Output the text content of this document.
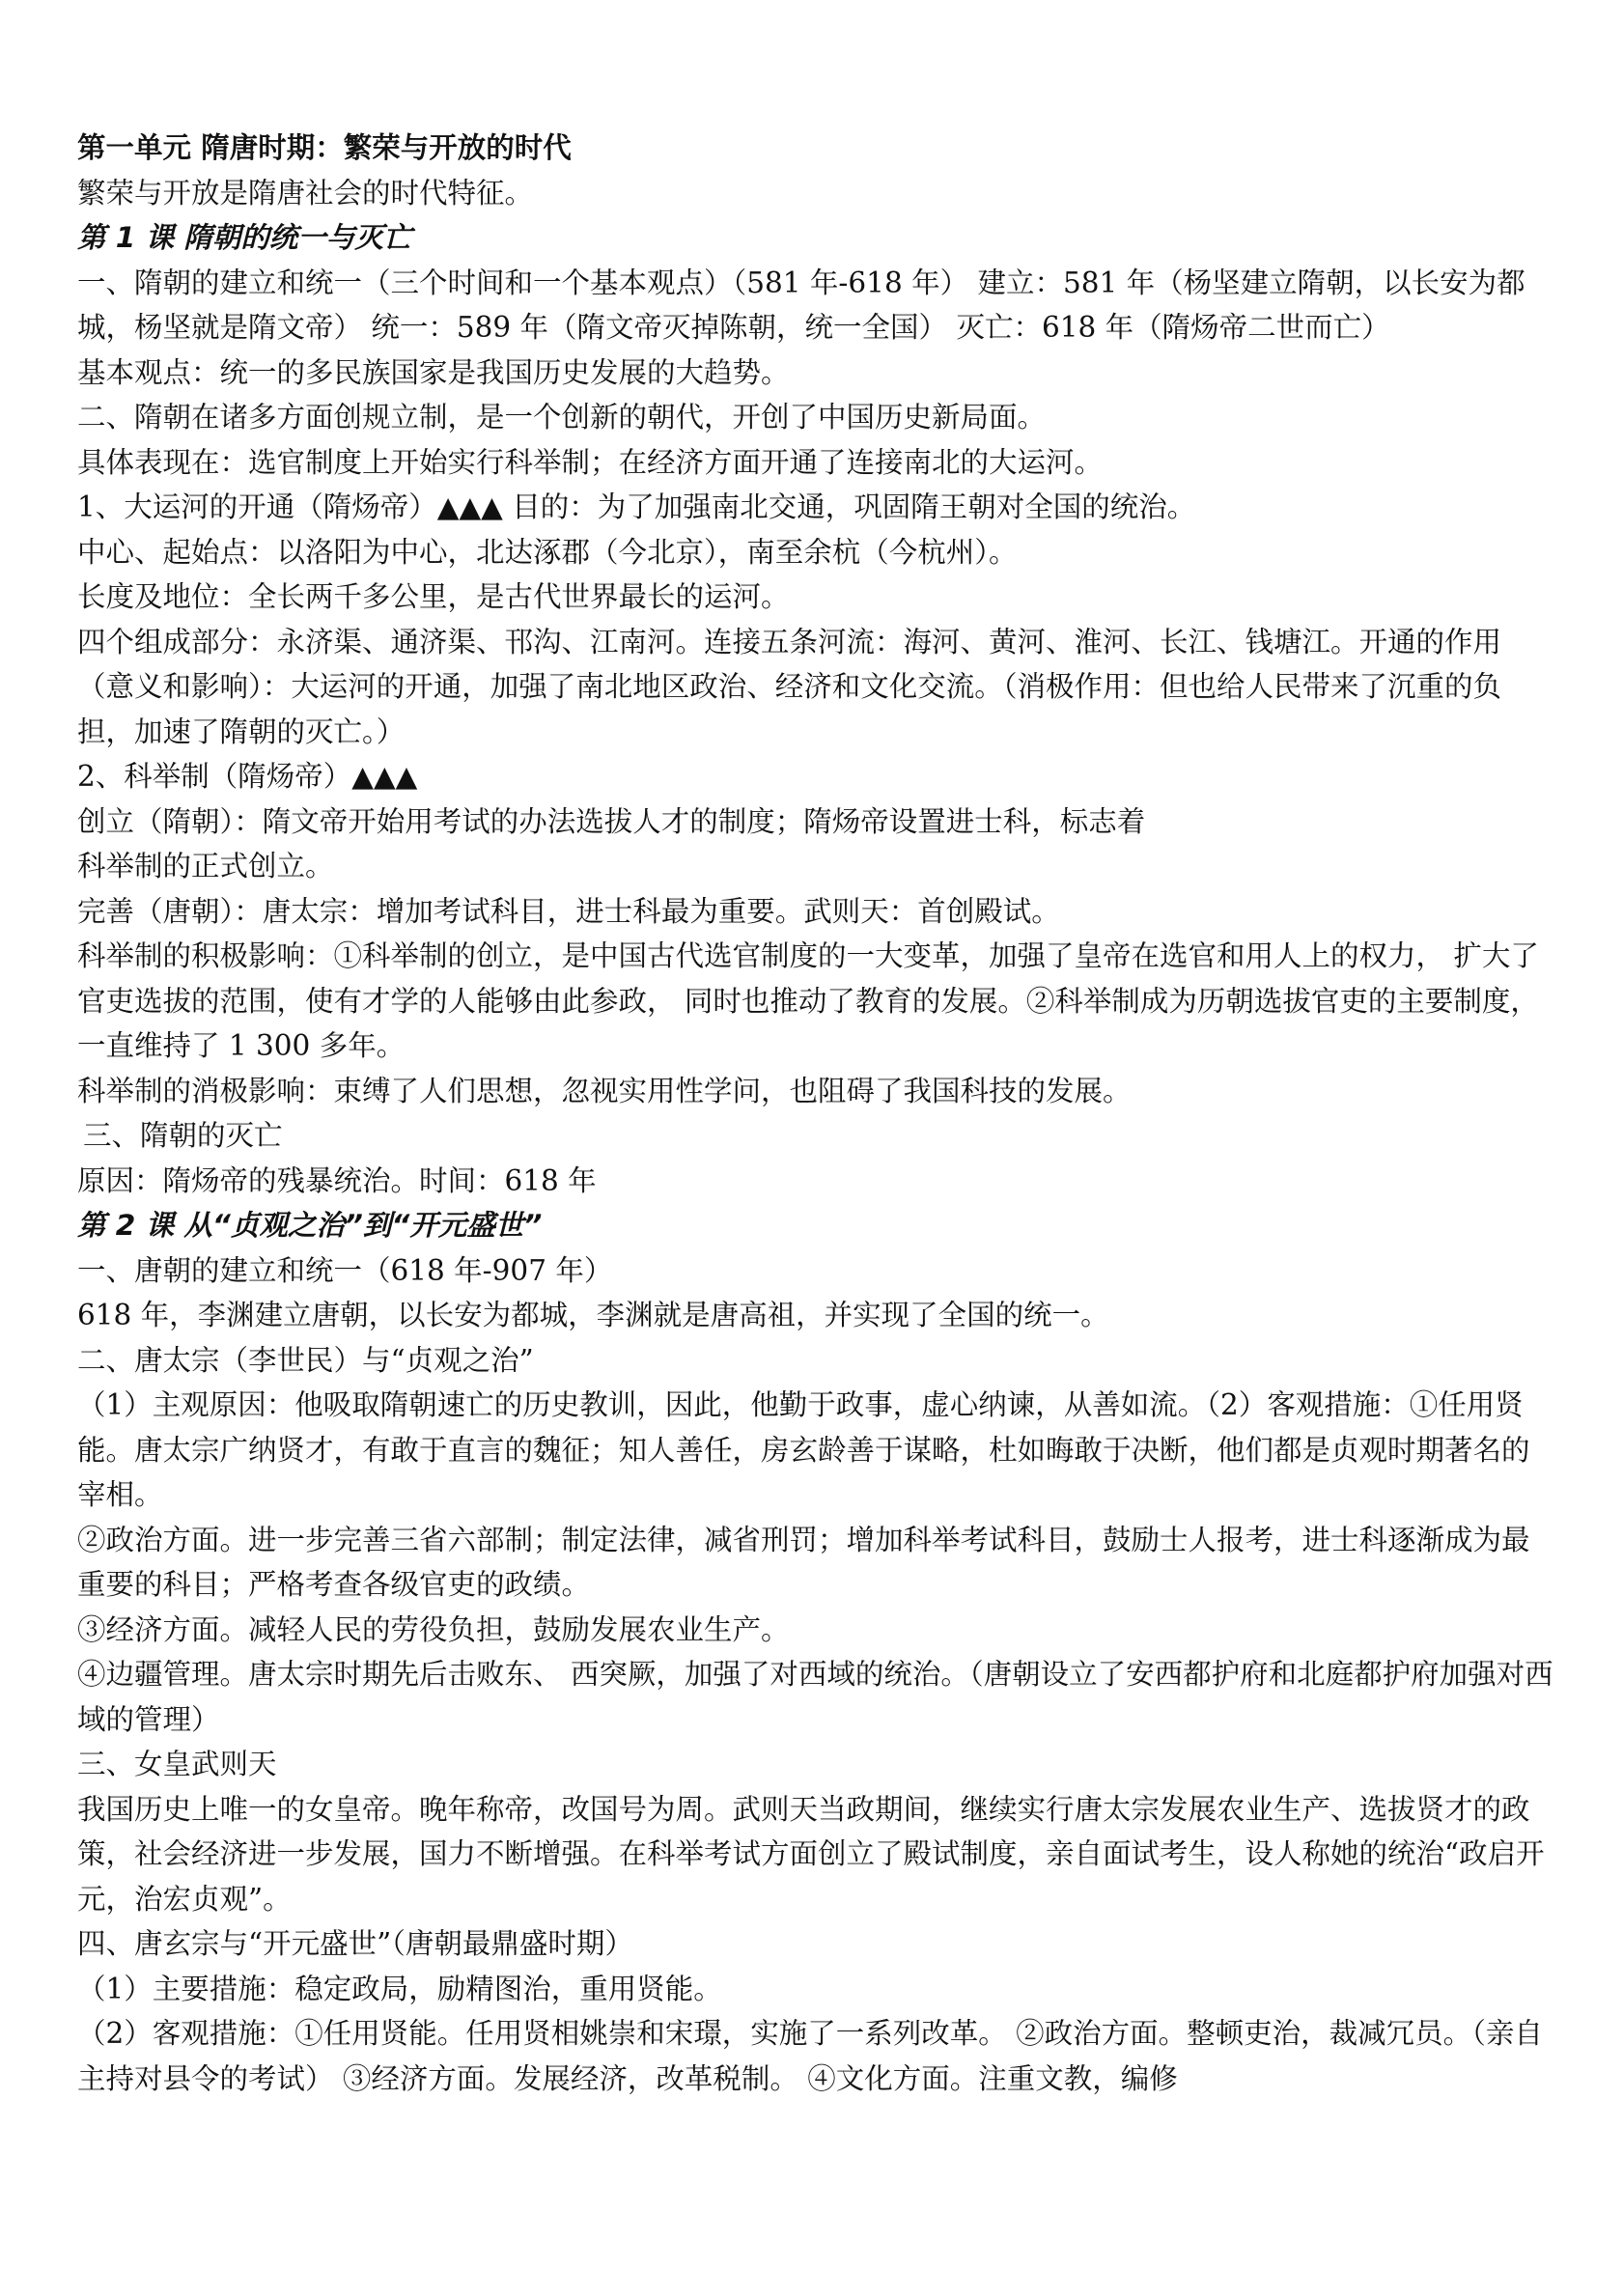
第一单元 隋唐时期：繁荣与开放的时代

繁荣与开放是隋唐社会的时代特征。

第 1 课 隋朝的统一与灭亡

一、隋朝的建立和统一（三个时间和一个基本观点）（581 年-618 年） 建立：581 年（杨坚建立隋朝，以长安为都城，杨坚就是隋文帝） 统一：589 年（隋文帝灭掉陈朝，统一全国） 灭亡：618 年（隋炀帝二世而亡）

基本观点：统一的多民族国家是我国历史发展的大趋势。

二、隋朝在诸多方面创规立制，是一个创新的朝代，开创了中国历史新局面。

具体表现在：选官制度上开始实行科举制；在经济方面开通了连接南北的大运河。

1、大运河的开通（隋炀帝）▲▲▲ 目的：为了加强南北交通，巩固隋王朝对全国的统治。

中心、起始点：以洛阳为中心，北达涿郡（今北京），南至余杭（今杭州）。

长度及地位：全长两千多公里，是古代世界最长的运河。

四个组成部分：永济渠、通济渠、邗沟、江南河。连接五条河流：海河、黄河、淮河、长江、钱塘江。开通的作用（意义和影响）：大运河的开通，加强了南北地区政治、经济和文化交流。（消极作用：但也给人民带来了沉重的负担，加速了隋朝的灭亡。）

2、科举制（隋炀帝）▲▲▲

创立（隋朝）：隋文帝开始用考试的办法选拔人才的制度；隋炀帝设置进士科，标志着

科举制的正式创立。

完善（唐朝）：唐太宗：增加考试科目，进士科最为重要。武则天：首创殿试。

科举制的积极影响：①科举制的创立，是中国古代选官制度的一大变革，加强了皇帝在选官和用人上的权力， 扩大了官吏选拔的范围，使有才学的人能够由此参政， 同时也推动了教育的发展。②科举制成为历朝选拔官吏的主要制度，一直维持了 1 300 多年。

科举制的消极影响：束缚了人们思想，忽视实用性学问，也阻碍了我国科技的发展。

三、隋朝的灭亡

原因：隋炀帝的残暴统治。时间：618 年

第 2 课 从“贞观之治”到“开元盛世”

一、唐朝的建立和统一（618 年-907 年）

618 年，李渊建立唐朝，以长安为都城，李渊就是唐高祖，并实现了全国的统一。

二、唐太宗（李世民）与“贞观之治”

（1）主观原因：他吸取隋朝速亡的历史教训，因此，他勤于政事，虚心纳谏，从善如流。（2）客观措施：①任用贤能。唐太宗广纳贤才，有敢于直言的魏征；知人善任，房玄龄善于谋略，杜如晦敢于决断，他们都是贞观时期著名的宰相。

②政治方面。进一步完善三省六部制；制定法律，减省刑罚；增加科举考试科目，鼓励士人报考，进士科逐渐成为最重要的科目；严格考查各级官吏的政绩。

③经济方面。减轻人民的劳役负担，鼓励发展农业生产。

④边疆管理。唐太宗时期先后击败东、 西突厥，加强了对西域的统治。（唐朝设立了安西都护府和北庭都护府加强对西域的管理）

三、女皇武则天

我国历史上唯一的女皇帝。晚年称帝，改国号为周。武则天当政期间，继续实行唐太宗发展农业生产、选拔贤才的政策，社会经济进一步发展，国力不断增强。在科举考试方面创立了殿试制度，亲自面试考生，设人称她的统治“政启开元，治宏贞观”。

四、唐玄宗与“开元盛世”（唐朝最鼎盛时期）

（1）主要措施：稳定政局，励精图治，重用贤能。

（2）客观措施：①任用贤能。任用贤相姚崇和宋璟，实施了一系列改革。 ②政治方面。整顿吏治，裁减冗员。（亲自主持对县令的考试） ③经济方面。发展经济，改革税制。 ④文化方面。注重文教，编修
